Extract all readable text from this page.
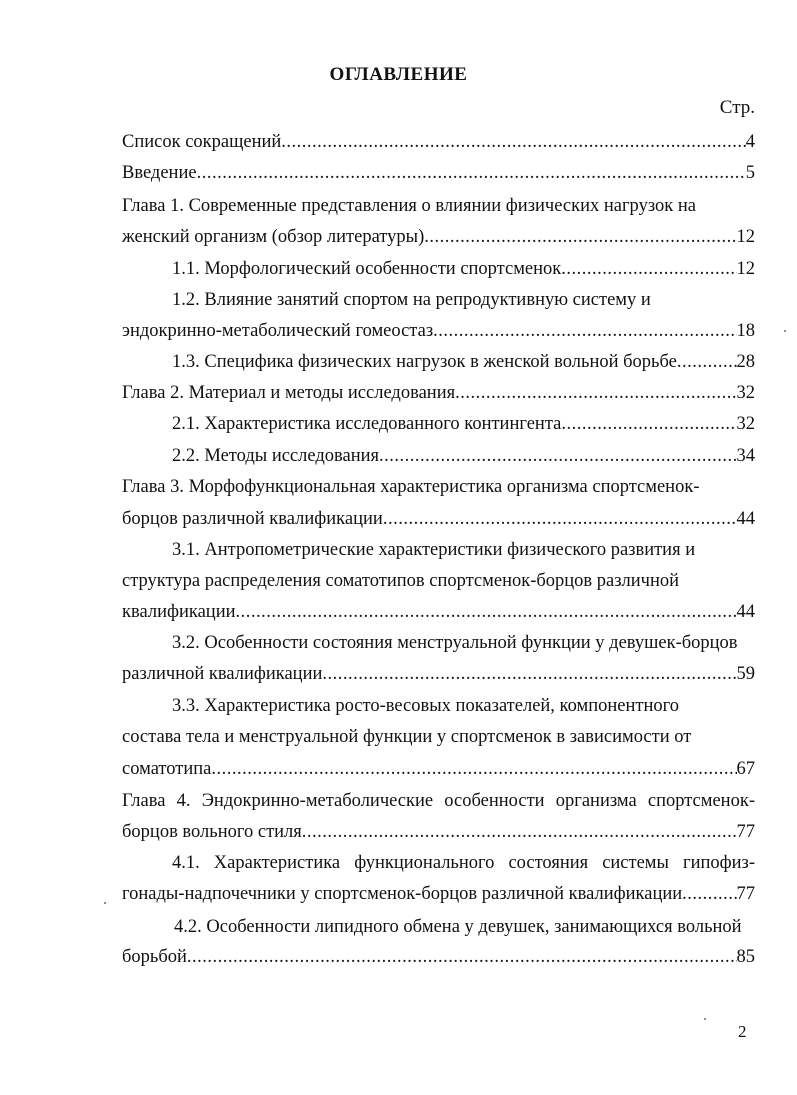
ОГЛАВЛЕНИЕ
Стр.
Список сокращений .....	4
Введение .....	5
Глава 1. Современные представления о влиянии физических нагрузок на
женский организм (обзор литературы) .....	12
1.1. Морфологический особенности спортсменок .....	12
1.2. Влияние занятий спортом на репродуктивную систему и
эндокринно-метаболический гомеостаз .....	18
1.3. Специфика физических нагрузок в женской вольной борьбе .....	28
Глава 2. Материал и методы исследования .....	32
2.1. Характеристика исследованного контингента .....	32
2.2. Методы исследования .....	34
Глава 3. Морфофункциональная характеристика организма спортсменок-
борцов различной квалификации .....	44
3.1. Антропометрические характеристики физического развития и
структура распределения соматотипов спортсменок-борцов различной
квалификации .....	44
3.2. Особенности состояния менструальной функции у девушек-борцов
различной квалификации .....	59
3.3. Характеристика росто-весовых показателей, компонентного
состава тела и менструальной функции у спортсменок в зависимости от
соматотипа .....	67
Глава 4. Эндокринно-метаболические особенности организма спортсменок-
борцов вольного стиля .....	77
4.1. Характеристика функционального состояния системы гипофиз-
гонады-надпочечники у спортсменок-борцов различной квалификации .....	77
4.2. Особенности липидного обмена у девушек, занимающихся вольной
борьбой .....	85
2
